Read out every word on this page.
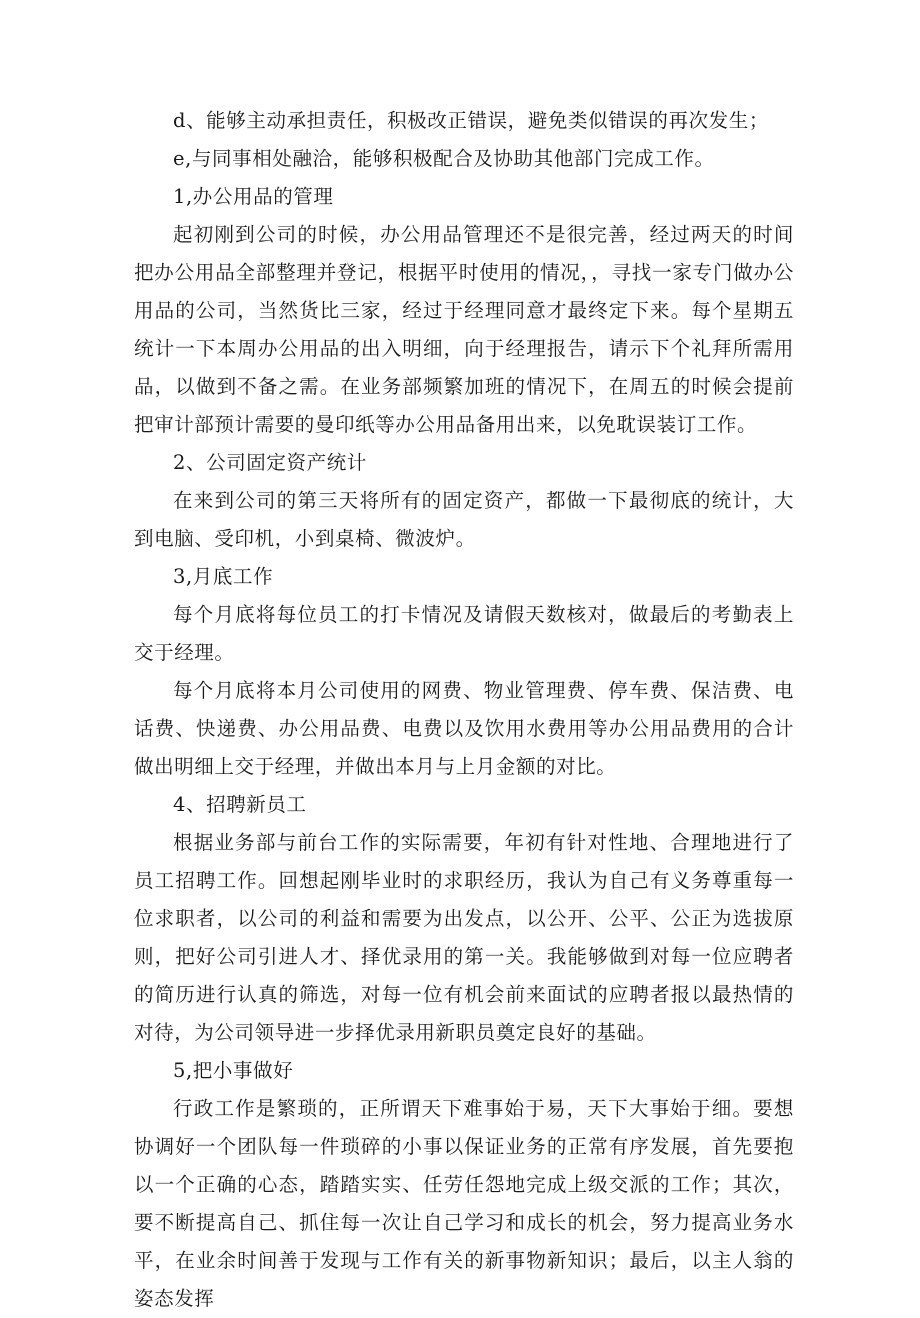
d、能够主动承担责任，积极改正错误，避免类似错误的再次发生；

e,与同事相处融洽，能够积极配合及协助其他部门完成工作。

1,办公用品的管理

起初刚到公司的时候，办公用品管理还不是很完善，经过两天的时间把办公用品全部整理并登记，根据平时使用的情况，，寻找一家专门做办公用品的公司，当然货比三家，经过于经理同意才最终定下来。每个星期五统计一下本周办公用品的出入明细，向于经理报告，请示下个礼拜所需用品，以做到不备之需。在业务部频繁加班的情况下，在周五的时候会提前把审计部预计需要的曼印纸等办公用品备用出来，以免耽误装订工作。

2、公司固定资产统计

在来到公司的第三天将所有的固定资产，都做一下最彻底的统计，大到电脑、受印机，小到桌椅、微波炉。

3,月底工作

每个月底将每位员工的打卡情况及请假天数核对，做最后的考勤表上交于经理。

每个月底将本月公司使用的网费、物业管理费、停车费、保洁费、电话费、快递费、办公用品费、电费以及饮用水费用等办公用品费用的合计做出明细上交于经理，并做出本月与上月金额的对比。

4、招聘新员工

根据业务部与前台工作的实际需要，年初有针对性地、合理地进行了员工招聘工作。回想起刚毕业时的求职经历，我认为自己有义务尊重每一位求职者，以公司的利益和需要为出发点，以公开、公平、公正为选拔原则，把好公司引进人才、择优录用的第一关。我能够做到对每一位应聘者的简历进行认真的筛选，对每一位有机会前来面试的应聘者报以最热情的对待，为公司领导进一步择优录用新职员奠定良好的基础。

5,把小事做好

行政工作是繁琐的，正所谓天下难事始于易，天下大事始于细。要想协调好一个团队每一件琐碎的小事以保证业务的正常有序发展，首先要抱以一个正确的心态，踏踏实实、任劳任怨地完成上级交派的工作；其次，要不断提高自己、抓住每一次让自己学习和成长的机会，努力提高业务水平，在业余时间善于发现与工作有关的新事物新知识；最后，以主人翁的姿态发挥
